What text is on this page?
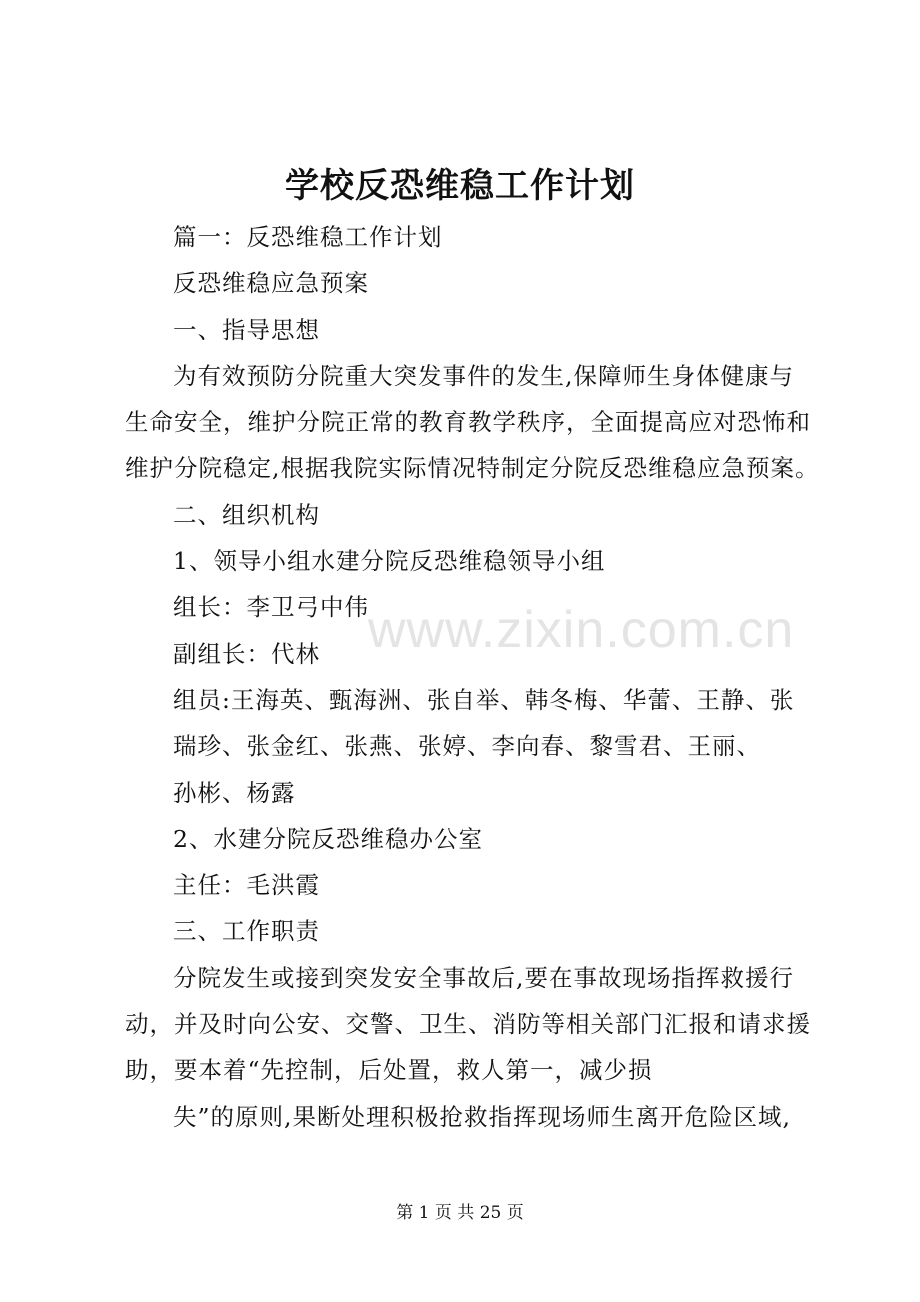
学校反恐维稳工作计划
篇一：反恐维稳工作计划
反恐维稳应急预案
一、指导思想
为有效预防分院重大突发事件的发生,保障师生身体健康与
生命安全，维护分院正常的教育教学秩序，全面提高应对恐怖和
维护分院稳定,根据我院实际情况特制定分院反恐维稳应急预案。
二、组织机构
1、领导小组水建分院反恐维稳领导小组
组长：李卫弓中伟
副组长：代林
组员:王海英、甄海洲、张自举、韩冬梅、华蕾、王静、张
瑞珍、张金红、张燕、张婷、李向春、黎雪君、王丽、
孙彬、杨露
2、水建分院反恐维稳办公室
主任：毛洪霞
三、工作职责
分院发生或接到突发安全事故后,要在事故现场指挥救援行
动，并及时向公安、交警、卫生、消防等相关部门汇报和请求援
助，要本着“先控制，后处置，救人第一，减少损
失”的原则,果断处理积极抢救指挥现场师生离开危险区域,
www.zixin.com.cn
第 1 页 共 25 页
